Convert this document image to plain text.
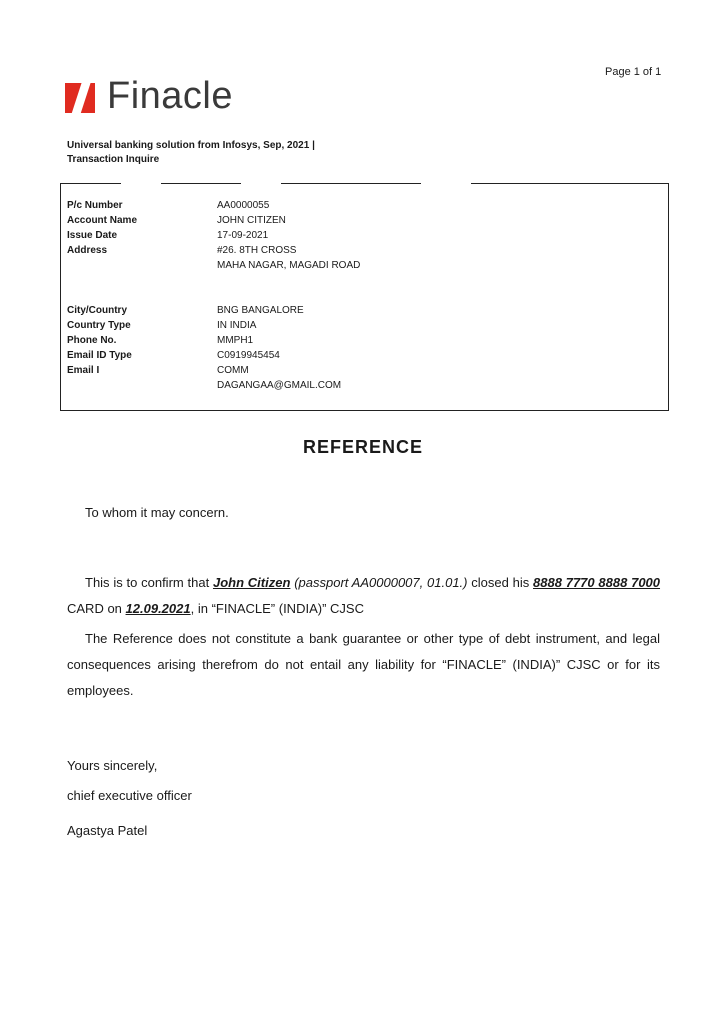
Page 1 of 1
Finacle
Universal banking solution from Infosys, Sep, 2021 |
Transaction Inquire
P/c Number	AA0000055
Account Name	JOHN CITIZEN
Issue Date	17-09-2021
Address	#26. 8TH CROSS
MAHA NAGAR, MAGADI ROAD
City/Country	BNG BANGALORE
Country Type	IN INDIA
Phone No.	MMPH1
Email ID Type	C0919945454
Email I	COMM
DAGANGAA@GMAIL.COM
REFERENCE
To whom it may concern.
This is to confirm that John Citizen (passport AA0000007, 01.01.) closed his 8888 7770 8888 7000 CARD on 12.09.2021, in “FINACLE” (INDIA)” CJSC
The Reference does not constitute a bank guarantee or other type of debt instrument, and legal consequences arising therefrom do not entail any liability for “FINACLE” (INDIA)” CJSC or for its employees.
Yours sincerely,
chief executive officer
Agastya Patel
